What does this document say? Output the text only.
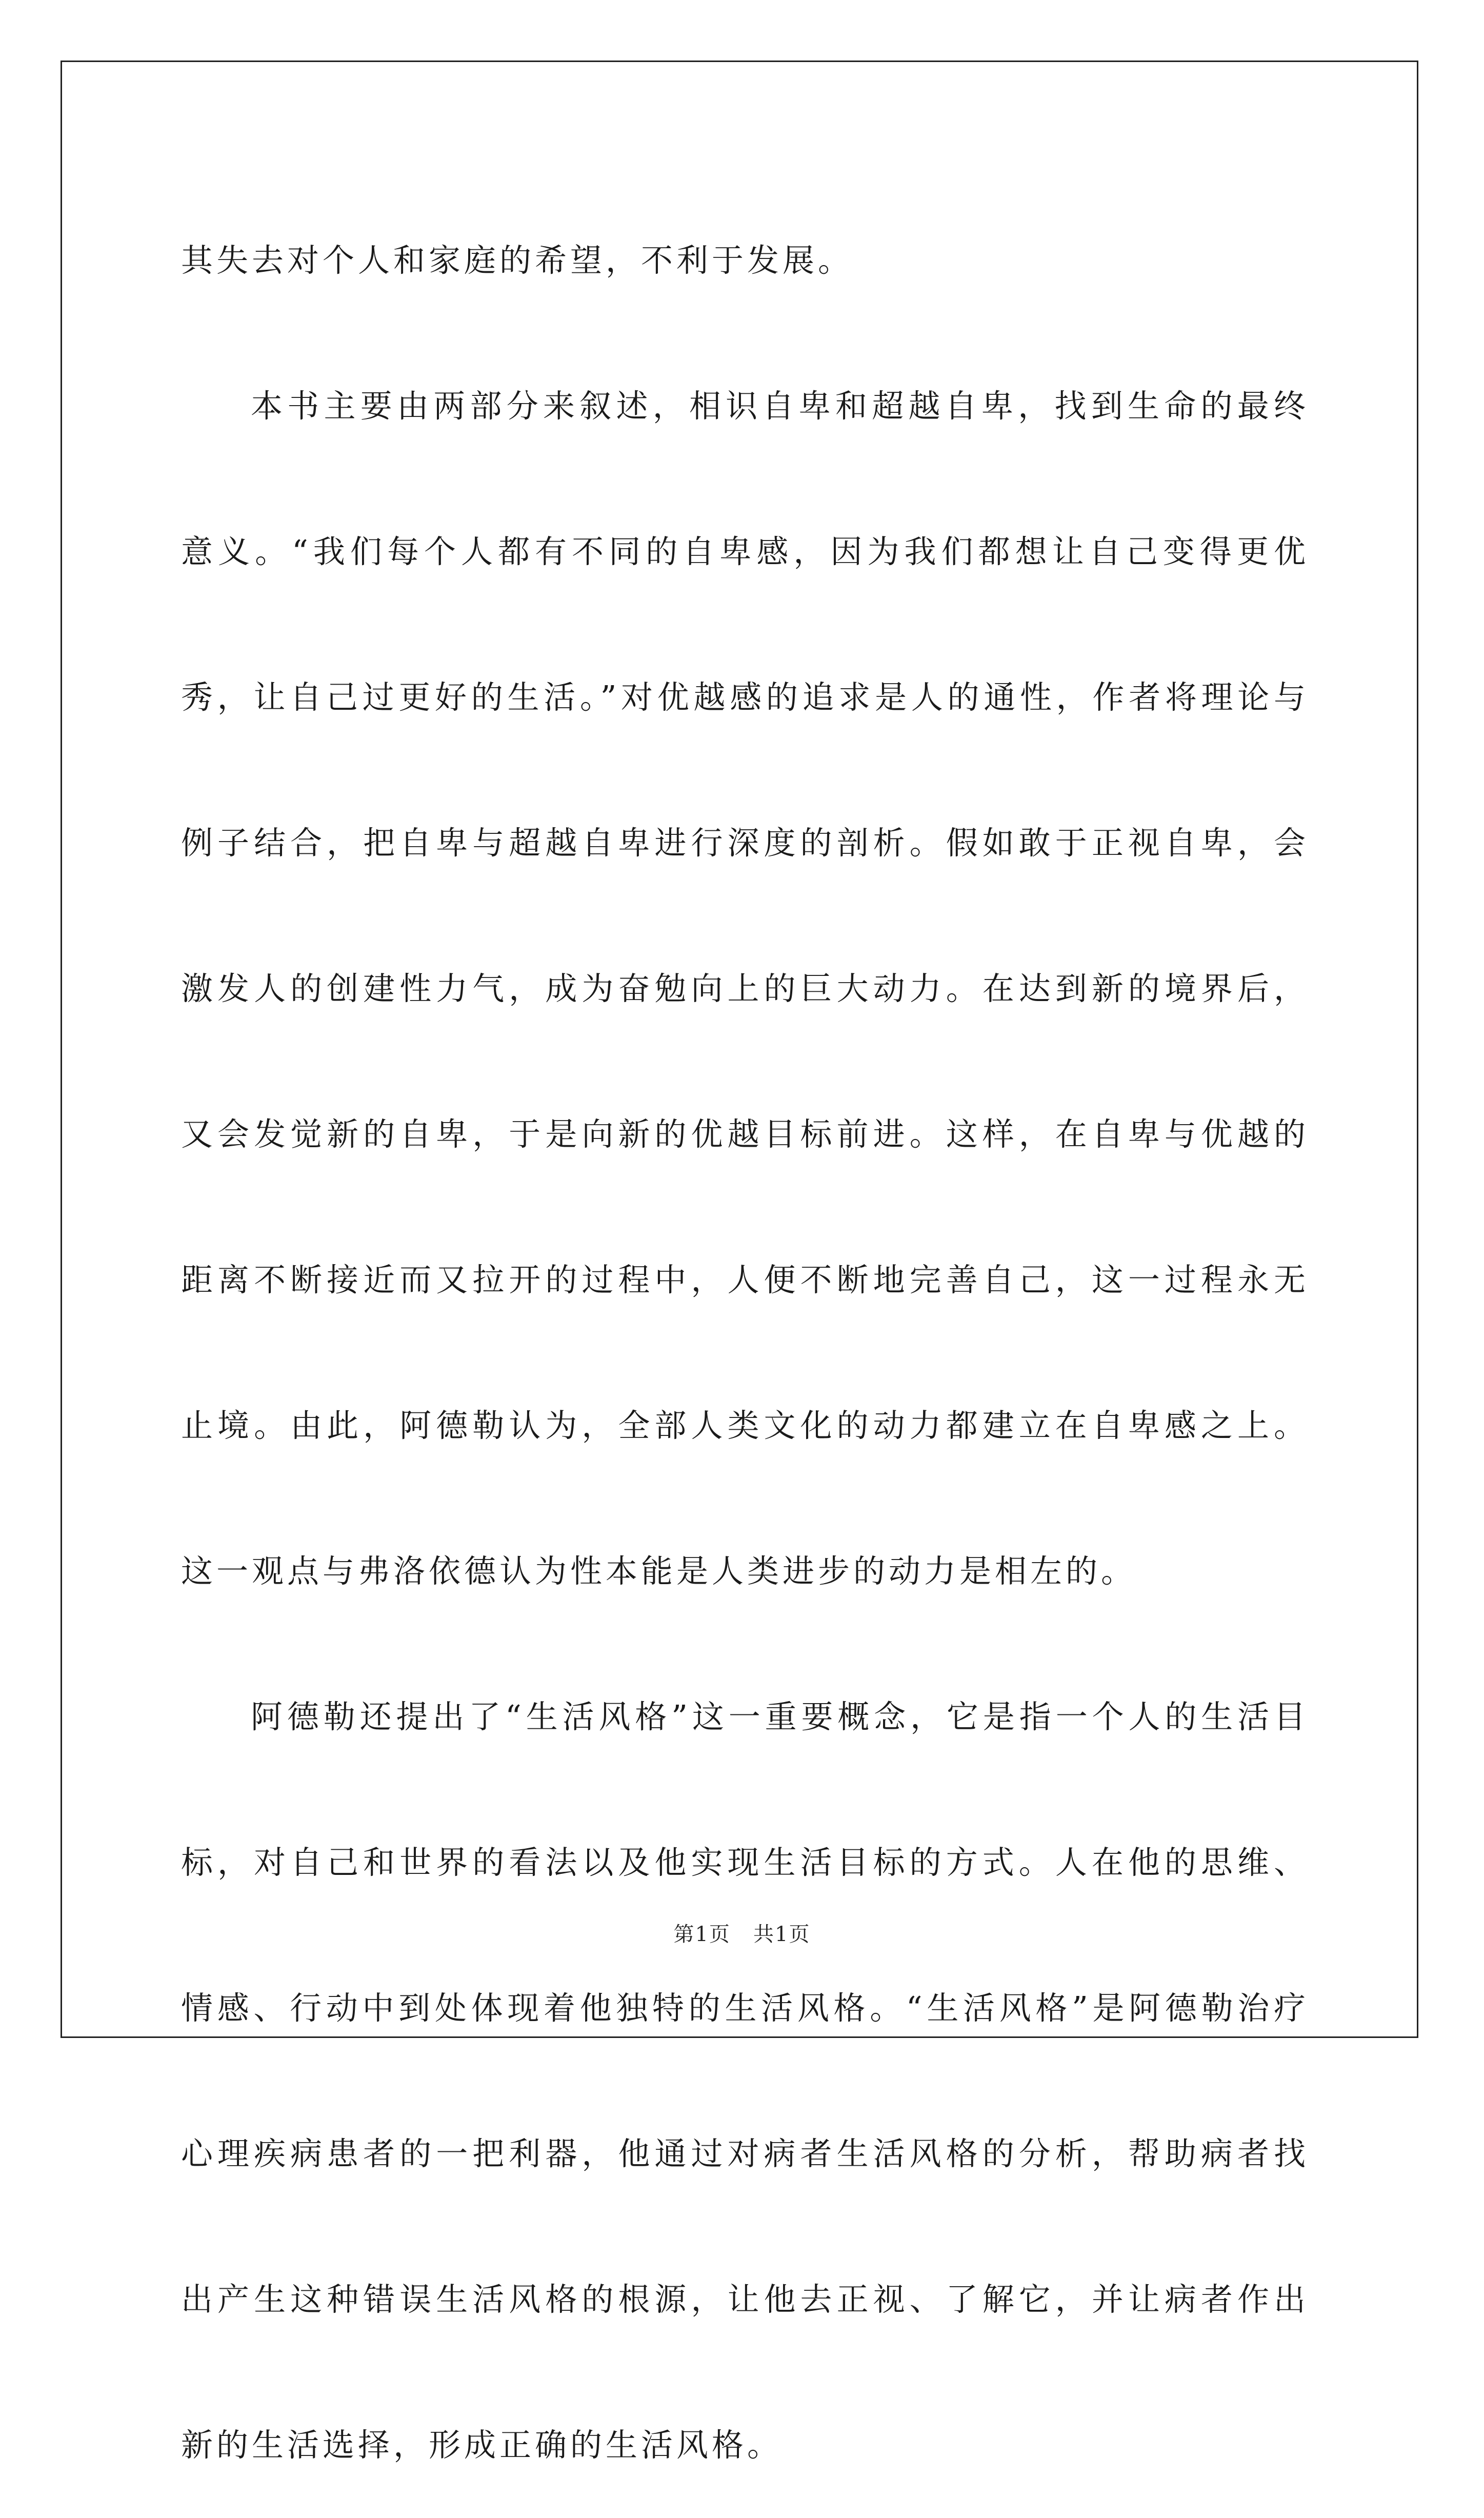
其失去对个人和家庭的希望，不利于发展。

本书主要由两部分来叙述，相识自卑和超越自卑，找到生命的最终意义。“我们每个人都有不同的自卑感，因为我们都想让自己变得更优秀，让自己过更好的生活。”对优越感的追求是人的通性，作者将理论与例子结合，把自卑与超越自卑进行深度的剖析。假如敢于正视自卑，会激发人的创建性力气，成为奋勉向上的巨大动力。在达到新的境界后，又会发觉新的自卑，于是向新的优越目标前进。这样，在自卑与优越的距离不断接近而又拉开的过程中，人便不断地完善自己，这一过程永无止境。由此，阿德勒认为，全部人类文化的动力都建立在自卑感之上。这一观点与弗洛依德认为性本能是人类进步的动力是相左的。

阿德勒还提出了“生活风格”这一重要概念，它是指一个人的生活目标，对自己和世界的看法以及他实现生活目标的方式。人在他的思维、情感、行动中到处体现着他独特的生活风格。“生活风格”是阿德勒治疗心理疾病患者的一把利器，他通过对病者生活风格的分析，帮助病者找出产生这种错误生活风格的根源，让他去正视、了解它，并让病者作出新的生活选择，形成正确的生活风格。

第1页   共1页
